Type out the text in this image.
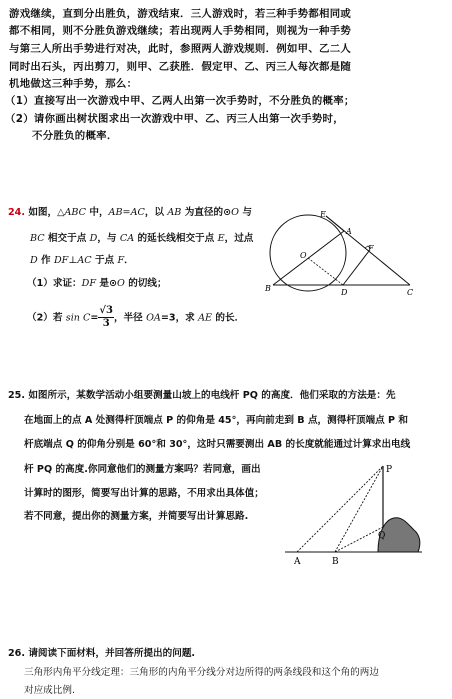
游戏继续，直到分出胜负，游戏结束．三人游戏时，若三种手势都相同或
都不相同，则不分胜负游戏继续；若出现两人手势相同，则视为一种手势
与第三人所出手势进行对决，此时，参照两人游戏规则．例如甲、乙二人
同时出石头，丙出剪刀，则甲、乙获胜．假定甲、乙、丙三人每次都是随
机地做这三种手势，那么：
（1）直接写出一次游戏中甲、乙两人出第一次手势时，不分胜负的概率；
（2）请你画出树状图求出一次游戏中甲、乙、丙三人出第一次手势时，
不分胜负的概率．
24. 如图，△ABC 中，AB=AC，以 AB 为直径的⊙O 与
BC 相交于点 D，与 CA 的延长线相交于点 E，过点
D 作 DF⊥AC 于点 F．
（1）求证：DF 是⊙O 的切线；
（2）若 $\sin C= \frac{√3}{3}$ ，半径 OA=3，求 AE 的长．
E
A
F
O
B	D	C
25. 如图所示，某数学活动小组要测量山坡上的电线杆 PQ 的高度．他们采取的方法是：先
在地面上的点 A 处测得杆顶端点 P 的仰角是 45°，再向前走到 B 点，测得杆顶端点 P 和
杆底端点 Q 的仰角分别是 60°和 30°，这时只需要测出 AB 的长度就能通过计算求出电线
杆 PQ 的高度.你同意他们的测量方案吗？若同意，画出
计算时的图形，简要写出计算的思路，不用求出具体值；
若不同意，提出你的测量方案，并简要写出计算思路.
P
Q
A	B
26. 请阅读下面材料，并回答所提出的问题.
三角形内角平分线定理：三角形的内角平分线分对边所得的两条线段和这个角的两边
对应成比例.
